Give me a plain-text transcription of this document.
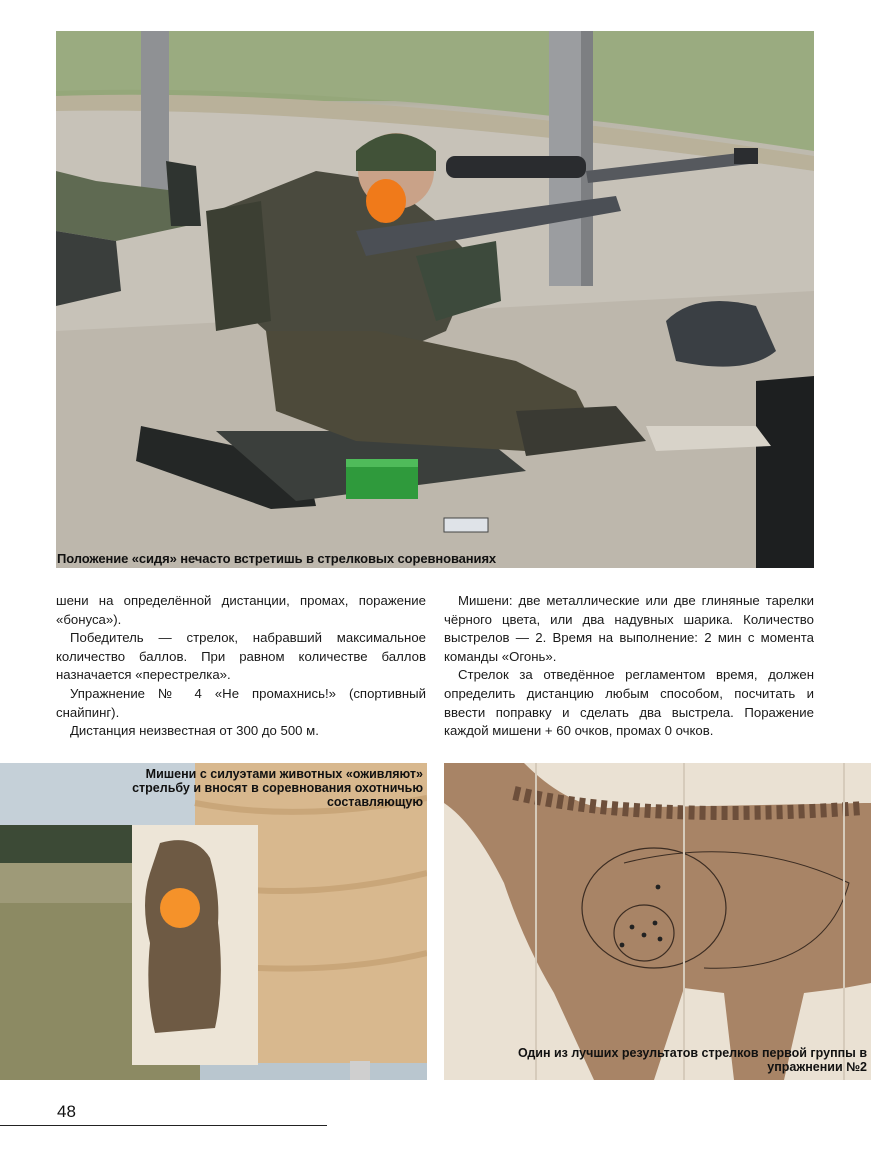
Положение «сидя» нечасто встретишь в стрелковых соревнованиях

шени на определённой дистанции, промах, поражение «бонуса»).

Победитель — стрелок, набравший максимальное количество баллов. При равном количестве баллов назначается «перестрелка».

Упражнение № 4 «Не промахнись!» (спортивный снайпинг).

Дистанция неизвестная от 300 до 500 м.

Мишени: две металлические или две глиняные тарелки чёрного цвета, или два надувных шарика. Количество выстрелов — 2. Время на выполнение: 2 мин с момента команды «Огонь».

Стрелок за отведённое регламентом время, должен определить дистанцию любым способом, посчитать и ввести поправку и сделать два выстрела. Поражение каждой мишени + 60 очков, промах 0 очков.

Мишени с силуэтами животных «оживляют» стрельбу и вносят в соревнования охотничью составляющую
Один из лучших результатов стрелков первой группы в упражнении №2
48
